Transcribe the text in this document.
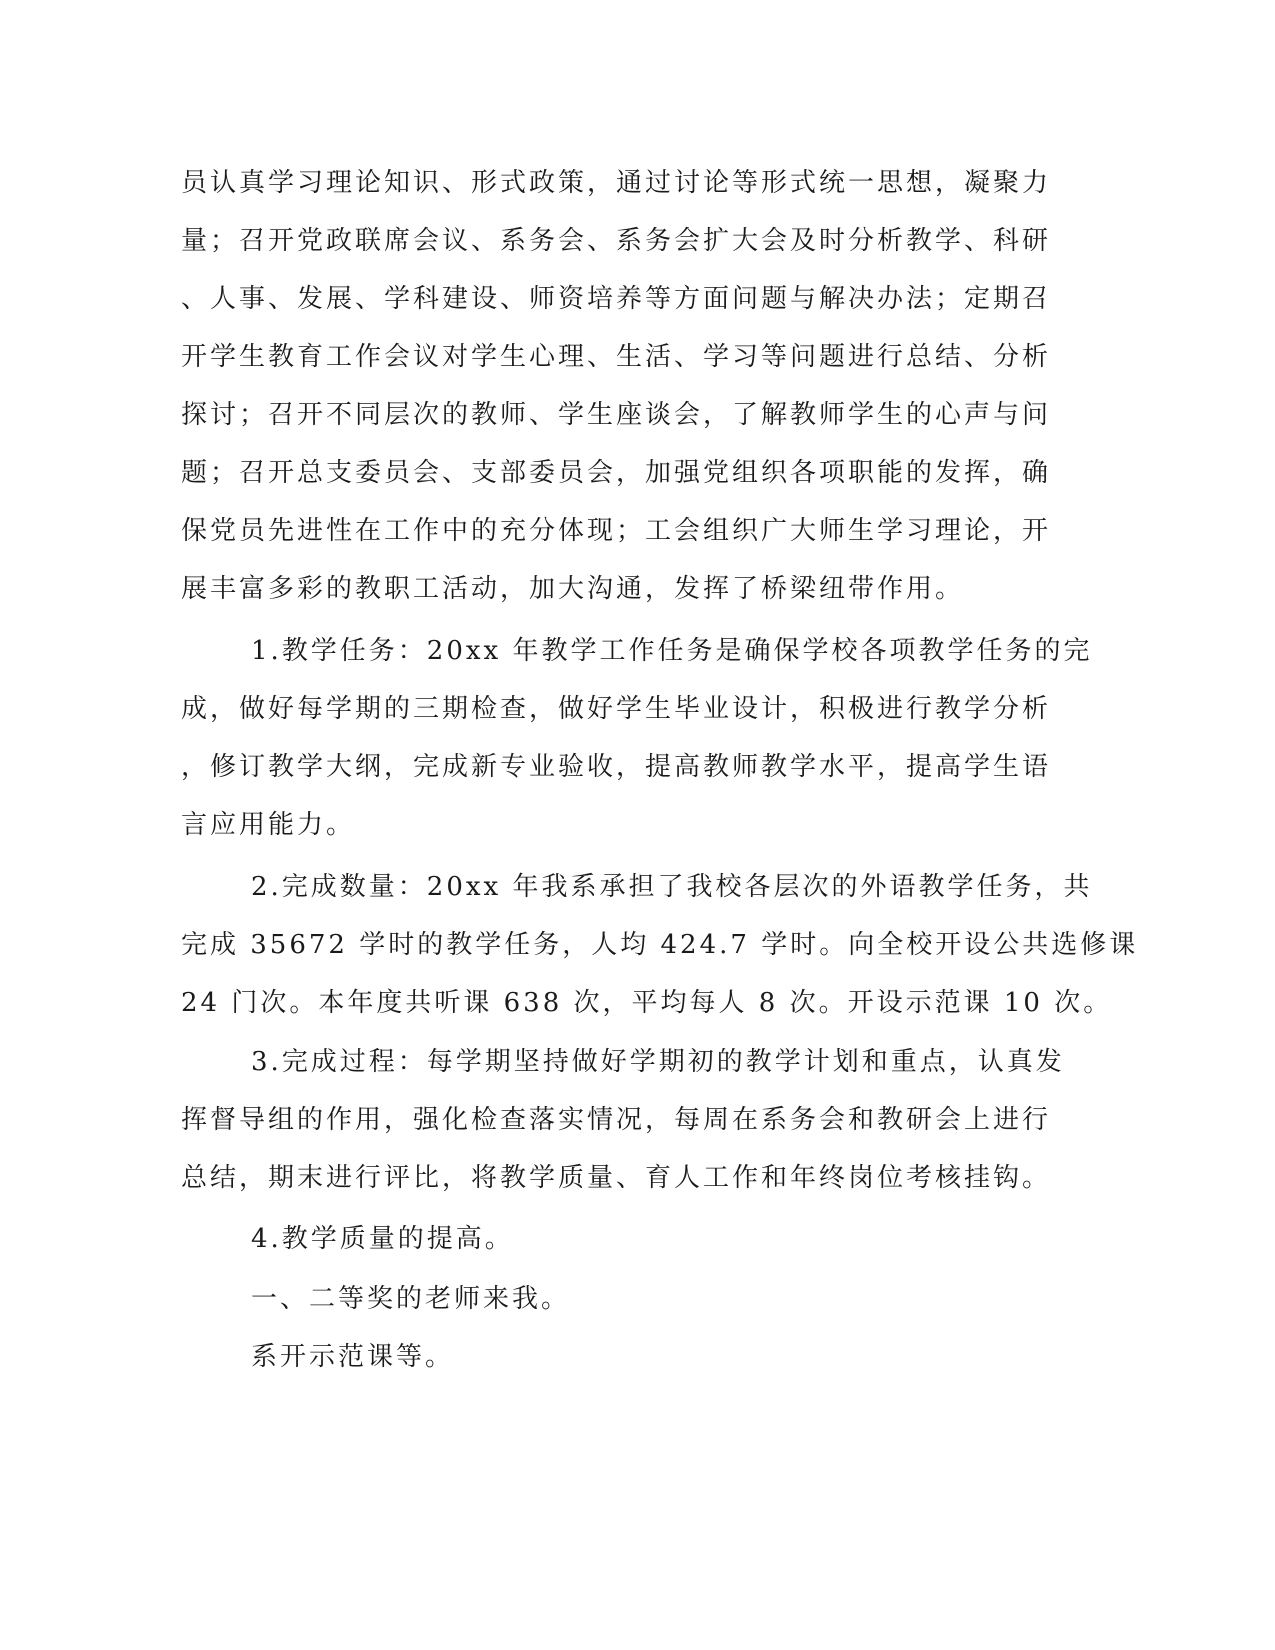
员认真学习理论知识、形式政策，通过讨论等形式统一思想，凝聚力
量；召开党政联席会议、系务会、系务会扩大会及时分析教学、科研
、人事、发展、学科建设、师资培养等方面问题与解决办法；定期召
开学生教育工作会议对学生心理、生活、学习等问题进行总结、分析
探讨；召开不同层次的教师、学生座谈会，了解教师学生的心声与问
题；召开总支委员会、支部委员会，加强党组织各项职能的发挥，确
保党员先进性在工作中的充分体现；工会组织广大师生学习理论，开
展丰富多彩的教职工活动，加大沟通，发挥了桥梁纽带作用。
1.教学任务：20xx 年教学工作任务是确保学校各项教学任务的完
成，做好每学期的三期检查，做好学生毕业设计，积极进行教学分析
，修订教学大纲，完成新专业验收，提高教师教学水平，提高学生语
言应用能力。
2.完成数量：20xx 年我系承担了我校各层次的外语教学任务，共
完成 35672 学时的教学任务，人均 424.7 学时。向全校开设公共选修课
24 门次。本年度共听课 638 次，平均每人 8 次。开设示范课 10 次。
3.完成过程：每学期坚持做好学期初的教学计划和重点，认真发
挥督导组的作用，强化检查落实情况，每周在系务会和教研会上进行
总结，期末进行评比，将教学质量、育人工作和年终岗位考核挂钩。
4.教学质量的提高。
一、二等奖的老师来我。
系开示范课等。
